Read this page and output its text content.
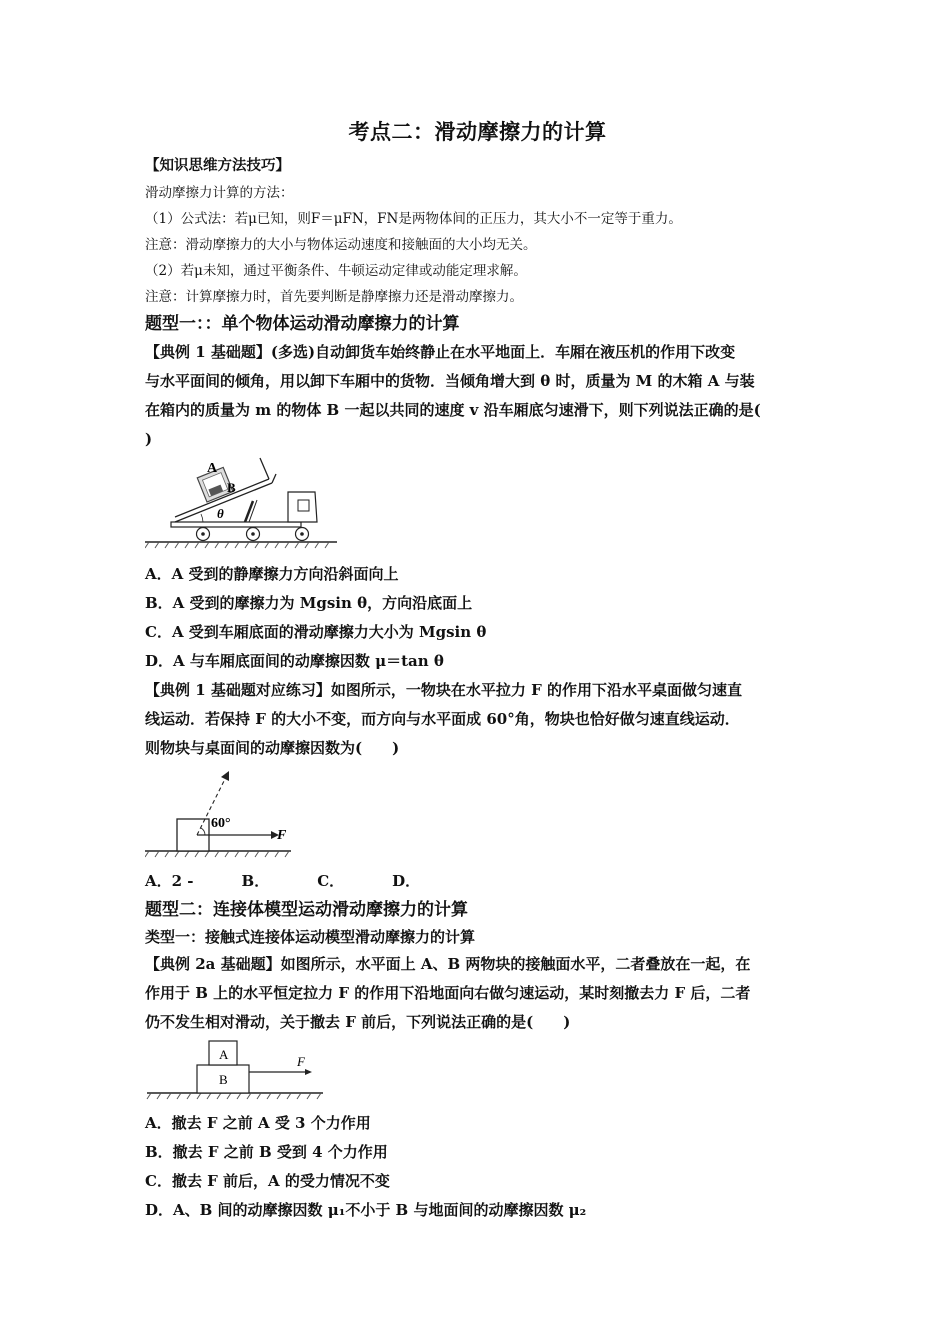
考点二：滑动摩擦力的计算
【知识思维方法技巧】
滑动摩擦力计算的方法：
（1）公式法：若μ已知，则F＝μFN，FN是两物体间的正压力，其大小不一定等于重力。
注意：滑动摩擦力的大小与物体运动速度和接触面的大小均无关。
（2）若μ未知，通过平衡条件、牛顿运动定律或动能定理求解。
注意：计算摩擦力时，首先要判断是静摩擦力还是滑动摩擦力。
题型一：：单个物体运动滑动摩擦力的计算
【典例 1 基础题】(多选)自动卸货车始终静止在水平地面上．车厢在液压机的作用下改变
与水平面间的倾角，用以卸下车厢中的货物．当倾角增大到 θ 时，质量为 M 的木箱 A 与装
在箱内的质量为 m 的物体 B 一起以共同的速度 v 沿车厢底匀速滑下，则下列说法正确的是(
)
A
B
θ
A．A 受到的静摩擦力方向沿斜面向上
B．A 受到的摩擦力为 Mgsin θ，方向沿底面上
C．A 受到车厢底面的滑动摩擦力大小为 Mgsin θ
D．A 与车厢底面间的动摩擦因数 μ＝tan θ
【典例 1 基础题对应练习】如图所示，一物块在水平拉力 F 的作用下沿水平桌面做匀速直
线运动．若保持 F 的大小不变，而方向与水平面成 60°角，物块也恰好做匀速直线运动．
则物块与桌面间的动摩擦因数为(　　)
60°
F
A．2 -	B．	C．	D．
题型二：连接体模型运动滑动摩擦力的计算
类型一：接触式连接体运动模型滑动摩擦力的计算
【典例 2a 基础题】如图所示，水平面上 A、B 两物块的接触面水平，二者叠放在一起，在
作用于 B 上的水平恒定拉力 F 的作用下沿地面向右做匀速运动，某时刻撤去力 F 后，二者
仍不发生相对滑动，关于撤去 F 前后，下列说法正确的是(　　)
A
B
F
A．撤去 F 之前 A 受 3 个力作用
B．撤去 F 之前 B 受到 4 个力作用
C．撤去 F 前后，A 的受力情况不变
D．A、B 间的动摩擦因数 μ₁不小于 B 与地面间的动摩擦因数 μ₂
